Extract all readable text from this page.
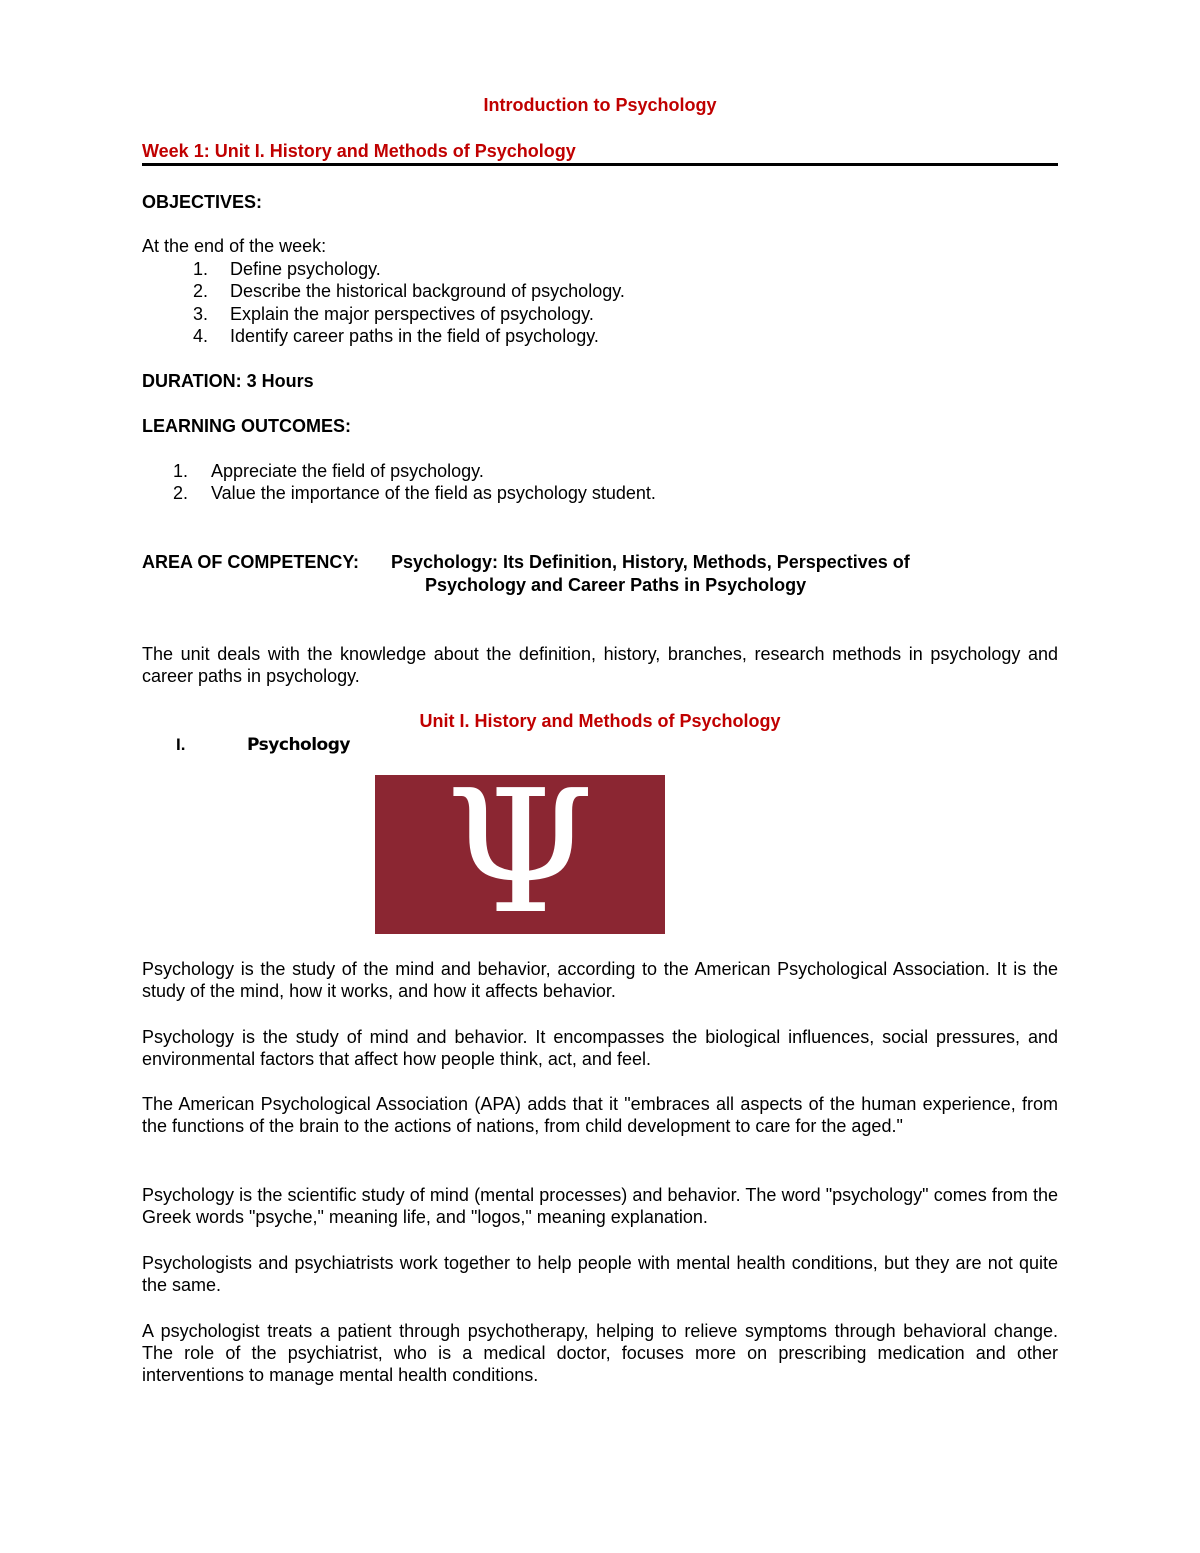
Introduction to Psychology
Week 1: Unit I. History and Methods of Psychology
OBJECTIVES:
At the end of the week:
1. Define psychology.
2. Describe the historical background of psychology.
3. Explain the major perspectives of psychology.
4. Identify career paths in the field of psychology.
DURATION: 3 Hours
LEARNING OUTCOMES:
1. Appreciate the field of psychology.
2. Value the importance of the field as psychology student.
AREA OF COMPETENCY: Psychology: Its Definition, History, Methods, Perspectives of
Psychology and Career Paths in Psychology
The unit deals with the knowledge about the definition, history, branches, research methods in psychology and career paths in psychology.
Unit I. History and Methods of Psychology
I.	Psychology
Ψ
Psychology is the study of the mind and behavior, according to the American Psychological Association. It is the study of the mind, how it works, and how it affects behavior.
Psychology is the study of mind and behavior. It encompasses the biological influences, social pressures, and environmental factors that affect how people think, act, and feel.
The American Psychological Association (APA) adds that it "embraces all aspects of the human experience, from the functions of the brain to the actions of nations, from child development to care for the aged."
Psychology is the scientific study of mind (mental processes) and behavior. The word "psychology" comes from the Greek words "psyche," meaning life, and "logos," meaning explanation.
Psychologists and psychiatrists work together to help people with mental health conditions, but they are not quite the same.
A psychologist treats a patient through psychotherapy, helping to relieve symptoms through behavioral change. The role of the psychiatrist, who is a medical doctor, focuses more on prescribing medication and other interventions to manage mental health conditions.
